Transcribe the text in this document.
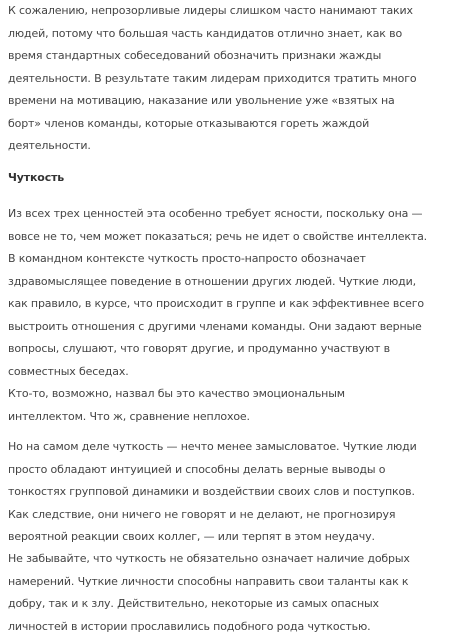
К сожалению, непрозорливые лидеры слишком часто нанимают таких
людей, потому что большая часть кандидатов отлично знает, как во
время стандартных собеседований обозначить признаки жажды
деятельности. В результате таким лидерам приходится тратить много
времени на мотивацию, наказание или увольнение уже «взятых на
борт» членов команды, которые отказываются гореть жаждой
деятельности.
Чуткость
Из всех трех ценностей эта особенно требует ясности, поскольку она —
вовсе не то, чем может показаться; речь не идет о свойстве интеллекта.
В командном контексте чуткость просто-напросто обозначает
здравомыслящее поведение в отношении других людей. Чуткие люди,
как правило, в курсе, что происходит в группе и как эффективнее всего
выстроить отношения с другими членами команды. Они задают верные
вопросы, слушают, что говорят другие, и продуманно участвуют в
совместных беседах.
Кто-то, возможно, назвал бы это качество эмоциональным
интеллектом. Что ж, сравнение неплохое.
Но на самом деле чуткость — нечто менее замысловатое. Чуткие люди
просто обладают интуицией и способны делать верные выводы о
тонкостях групповой динамики и воздействии своих слов и поступков.
Как следствие, они ничего не говорят и не делают, не прогнозируя
вероятной реакции своих коллег, — или терпят в этом неудачу.
Не забывайте, что чуткость не обязательно означает наличие добрых
намерений. Чуткие личности способны направить свои таланты как к
добру, так и к злу. Действительно, некоторые из самых опасных
личностей в истории прославились подобного рода чуткостью.
